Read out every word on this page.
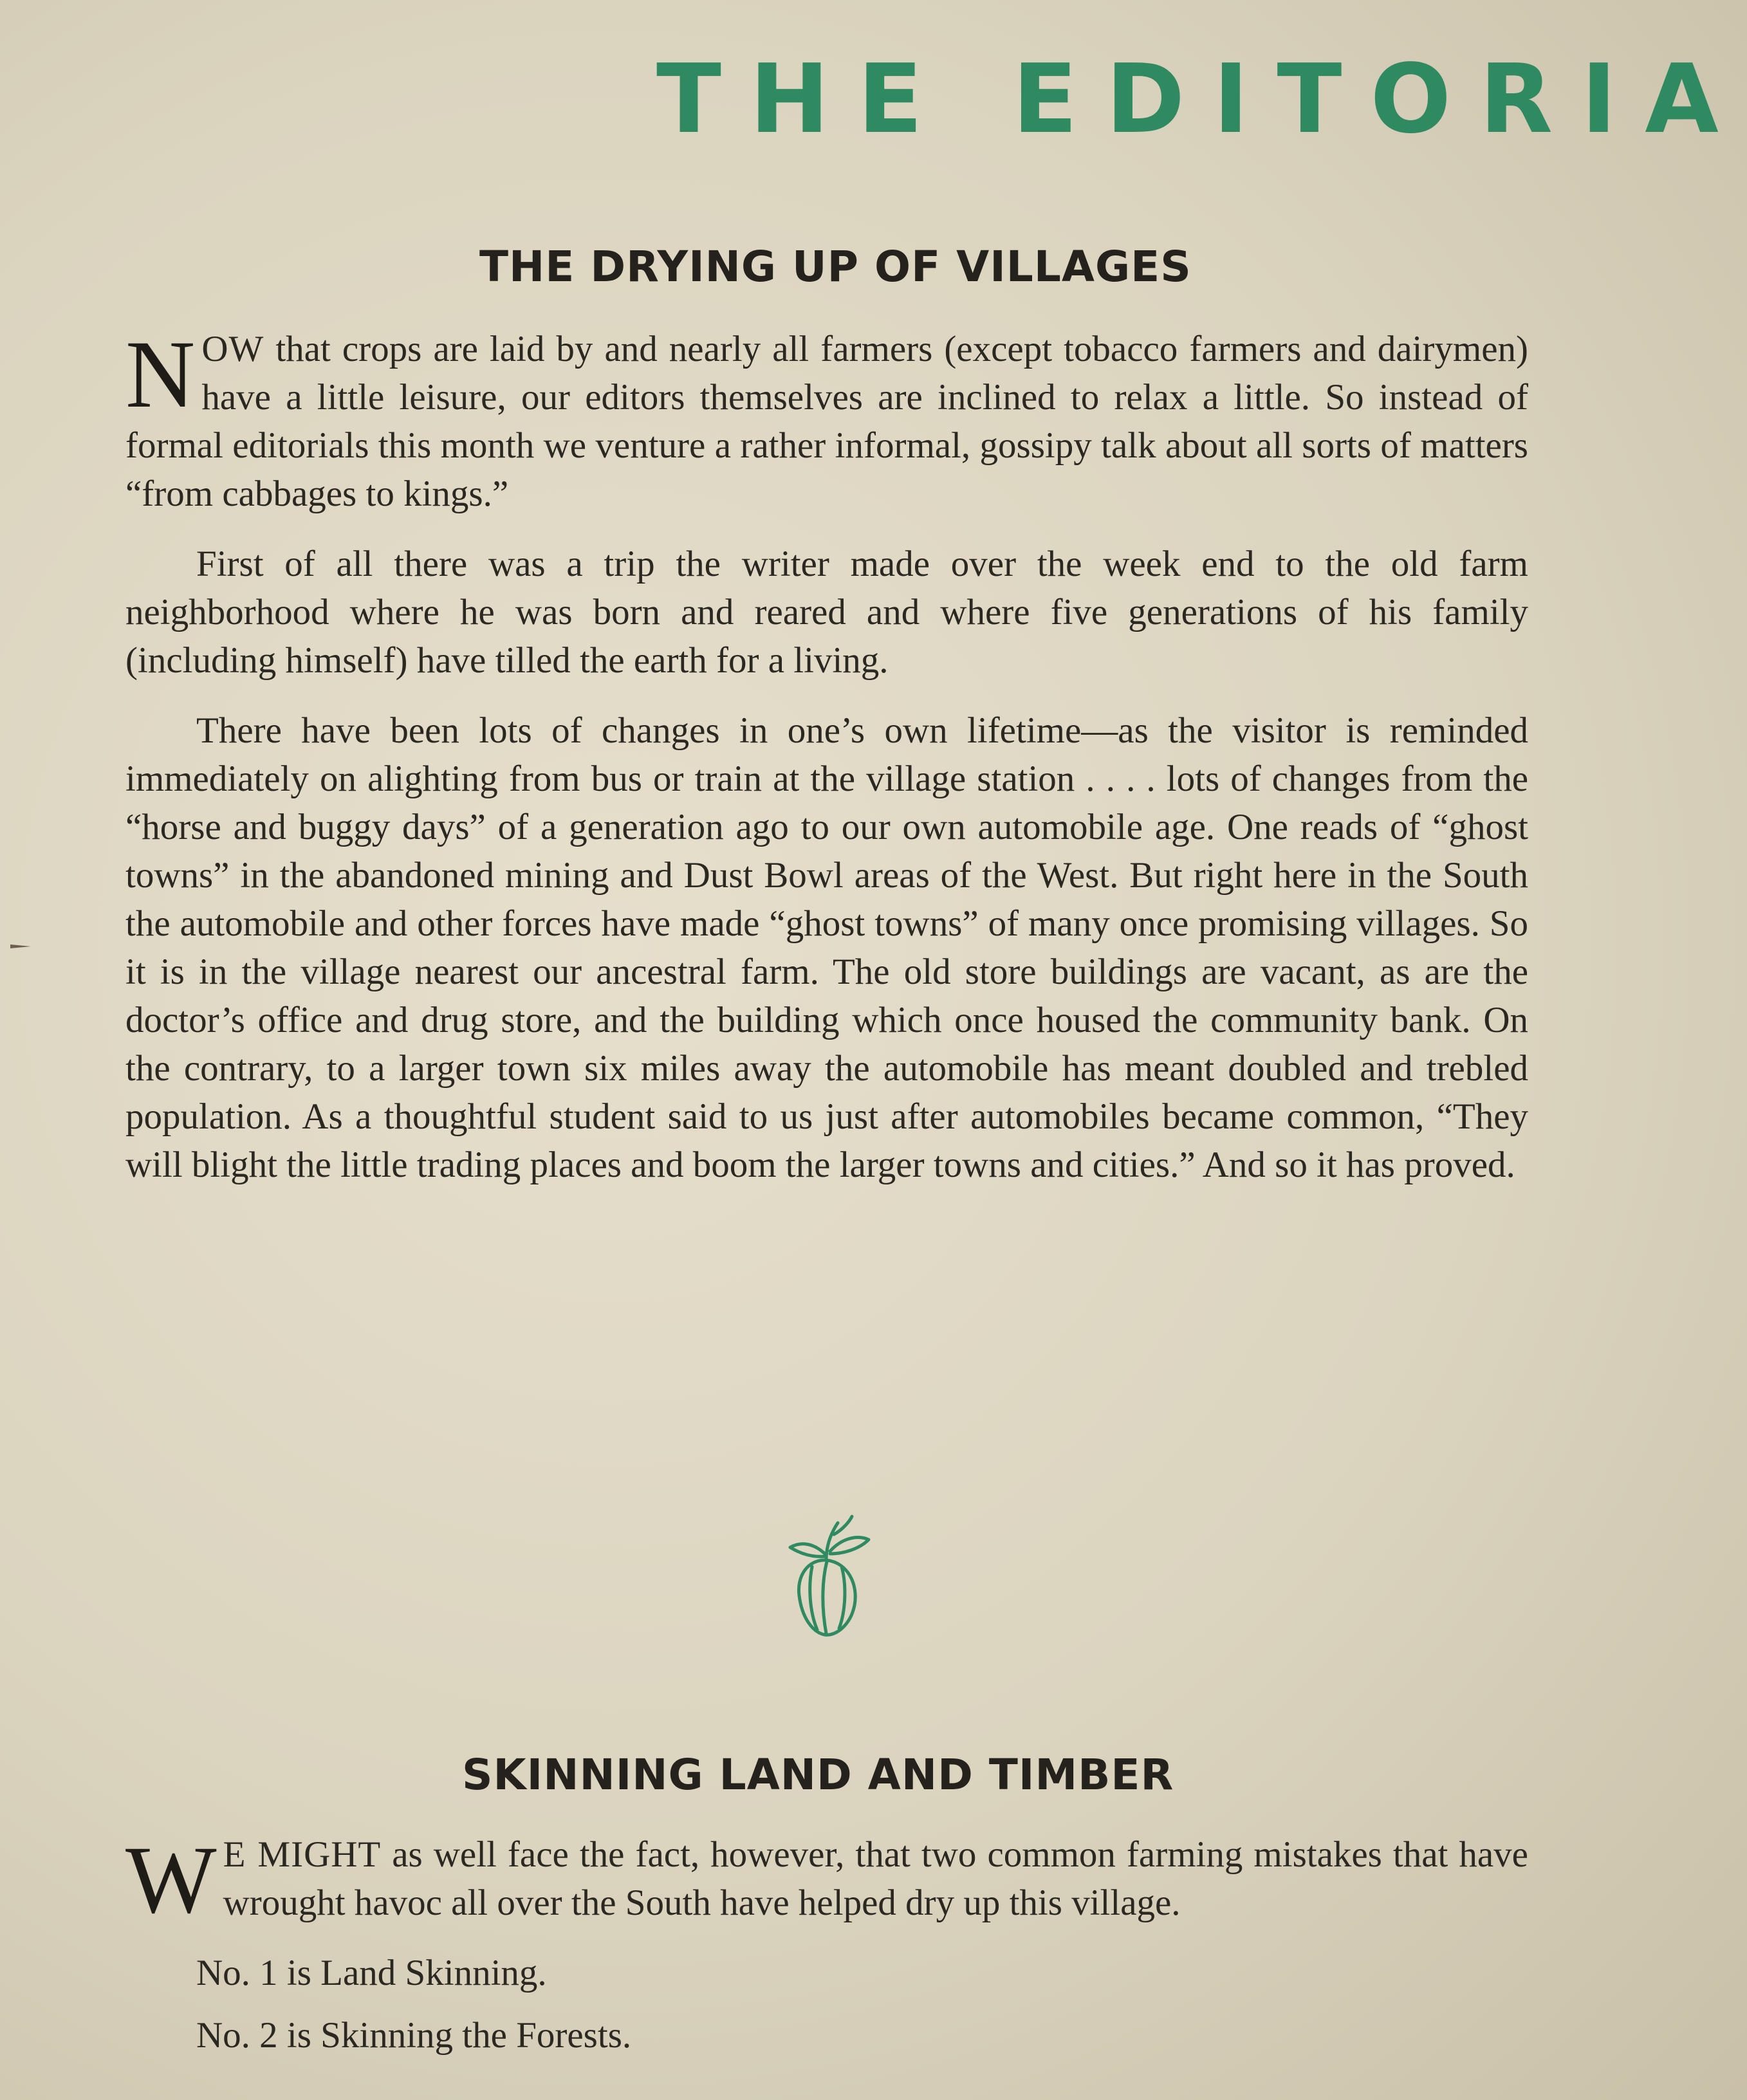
THE EDITORIA
THE DRYING UP OF VILLAGES

NOW that crops are laid by and nearly all farmers (except tobacco farmers and dairymen) have a little leisure, our editors themselves are inclined to relax a little. So instead of formal editorials this month we venture a rather informal, gossipy talk about all sorts of matters “from cabbages to kings.”

First of all there was a trip the writer made over the week end to the old farm neighborhood where he was born and reared and where five generations of his family (including himself) have tilled the earth for a living.

There have been lots of changes in one’s own lifetime—as the visitor is reminded immediately on alighting from bus or train at the village station . . . . lots of changes from the “horse and buggy days” of a generation ago to our own automobile age. One reads of “ghost towns” in the abandoned mining and Dust Bowl areas of the West. But right here in the South the automobile and other forces have made “ghost towns” of many once promising villages. So it is in the village nearest our ancestral farm. The old store buildings are vacant, as are the doctor’s office and drug store, and the building which once housed the community bank. On the contrary, to a larger town six miles away the automobile has meant doubled and trebled population. As a thoughtful student said to us just after automobiles became common, “They will blight the little trading places and boom the larger towns and cities.” And so it has proved.

SKINNING LAND AND TIMBER

W E MIGHT as well face the fact, however, that two common farming mistakes that have wrought havoc all over the South have helped dry up this village.

No. 1 is Land Skinning.

No. 2 is Skinning the Forests.
